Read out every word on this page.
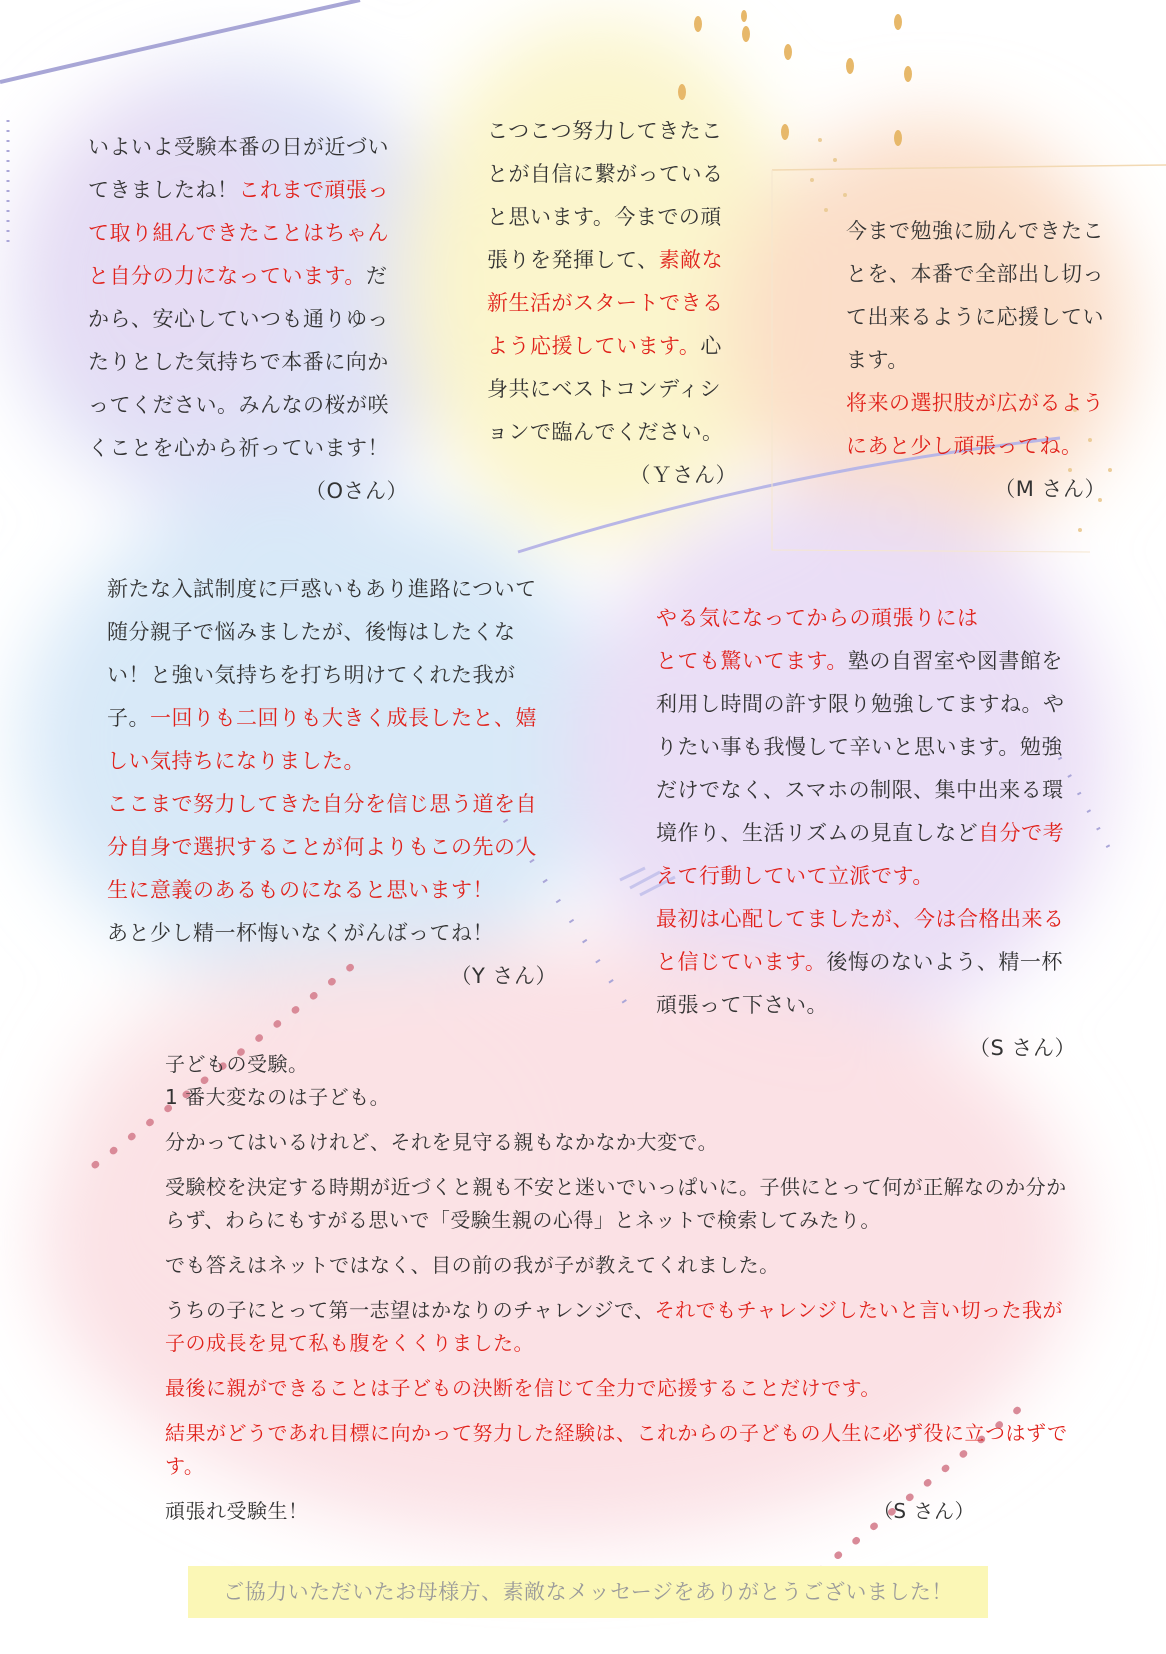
いよいよ受験本番の日が近づいてきましたね！これまで頑張って取り組んできたことはちゃんと自分の力になっています。だから、安心していつも通りゆったりとした気持ちで本番に向かってください。みんなの桜が咲くことを心から祈っています！

（Oさん）

こつこつ努力してきたことが自信に繋がっていると思います。今までの頑張りを発揮して、素敵な新生活がスタートできるよう応援しています。心身共にベストコンディションで臨んでください。

（Ｙさん）

今まで勉強に励んできたことを、本番で全部出し切って出来るように応援しています。
将来の選択肢が広がるようにあと少し頑張ってね。

（M さん）

新たな入試制度に戸惑いもあり進路について随分親子で悩みましたが、後悔はしたくない！と強い気持ちを打ち明けてくれた我が子。一回りも二回りも大きく成長したと、嬉しい気持ちになりました。
ここまで努力してきた自分を信じ思う道を自分自身で選択することが何よりもこの先の人生に意義のあるものになると思います！
あと少し精一杯悔いなくがんばってね！

（Y さん）

やる気になってからの頑張りには
とても驚いてます。塾の自習室や図書館を利用し時間の許す限り勉強してますね。やりたい事も我慢して辛いと思います。勉強だけでなく、スマホの制限、集中出来る環境作り、生活リズムの見直しなど自分で考えて行動していて立派です。
最初は心配してましたが、今は合格出来ると信じています。後悔のないよう、精一杯頑張って下さい。

（S さん）

子どもの受験。
1 番大変なのは子ども。

分かってはいるけれど、それを見守る親もなかなか大変で。

受験校を決定する時期が近づくと親も不安と迷いでいっぱいに。子供にとって何が正解なのか分からず、わらにもすがる思いで「受験生親の心得」とネットで検索してみたり。

でも答えはネットではなく、目の前の我が子が教えてくれました。

うちの子にとって第一志望はかなりのチャレンジで、それでもチャレンジしたいと言い切った我が子の成長を見て私も腹をくくりました。

最後に親ができることは子どもの決断を信じて全力で応援することだけです。

結果がどうであれ目標に向かって努力した経験は、これからの子どもの人生に必ず役に立つはずです。

頑張れ受験生！	（S さん）

ご協力いただいたお母様方、素敵なメッセージをありがとうございました！
